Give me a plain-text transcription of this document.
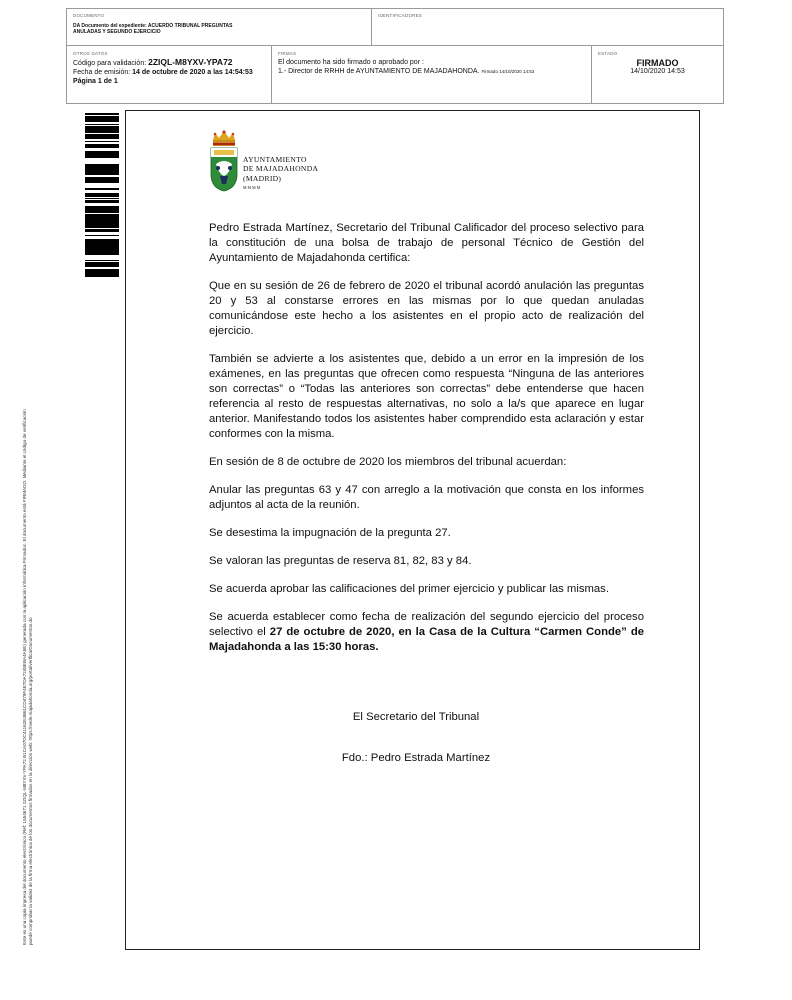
DOCUMENTO
DA Documento del expediente: ACUERDO TRIBUNAL PREGUNTAS ANULADAS Y SEGUNDO EJERCICIO
IDENTIFICADORES
OTROS DATOS
Código para validación: 2ZIQL-M8YXV-YPA72
Fecha de emisión: 14 de octubre de 2020 a las 14:54:53
Página 1 de 1
FIRMAS
El documento ha sido firmado o aprobado por :
1.- Director de RRHH de AYUNTAMIENTO DE MAJADAHONDA. Firmado 14/10/2020 14:53
ESTADO
FIRMADO
14/10/2020 14:53
Este es una copia impresa del documento electrónico (Ref: 1554671 2ZIQL-M8YXV-YPA72 B1CA07DC41162E4B61CD479F4E7DA7248EBA4A5E) generada con la aplicación informática Firmadoc. El documento está FIRMADO. Mediante el código de verificación puede comprobar la validez de la firma electrónica de los documentos firmados en la dirección web: https://sede.majadahonda.org/portal/verificarDocumentos.do
AYUNTAMIENTO
DE MAJADAHONDA
(MADRID)
MMMM

Pedro Estrada Martínez, Secretario del Tribunal Calificador del proceso selectivo para la constitución de una bolsa de trabajo de personal Técnico de Gestión del Ayuntamiento de Majadahonda certifica:

Que en su sesión de 26 de febrero de 2020 el tribunal acordó anulación las preguntas 20 y 53 al constarse errores en las mismas por lo que quedan anuladas comunicándose este hecho a los asistentes en el propio acto de realización del ejercicio.

También se advierte a los asistentes que, debido a un error en la impresión de los exámenes, en las preguntas que ofrecen como respuesta “Ninguna de las anteriores son correctas” o “Todas las anteriores son correctas” debe entenderse que hacen referencia al resto de respuestas alternativas, no solo a la/s que aparece en lugar anterior. Manifestando todos los asistentes haber comprendido esta aclaración y estar conformes con la misma.

En sesión de 8 de octubre de 2020 los miembros del tribunal acuerdan:

Anular las preguntas 63 y 47 con arreglo a la motivación que consta en los informes adjuntos al acta de la reunión.

Se desestima la impugnación de la pregunta 27.

Se valoran las preguntas de reserva 81, 82, 83 y 84.

Se acuerda aprobar las calificaciones del primer ejercicio y publicar las mismas.

Se acuerda establecer como fecha de realización del segundo ejercicio del proceso selectivo el 27 de octubre de 2020, en la Casa de la Cultura “Carmen Conde” de Majadahonda a las 15:30 horas.

El Secretario del Tribunal
Fdo.: Pedro Estrada Martínez
